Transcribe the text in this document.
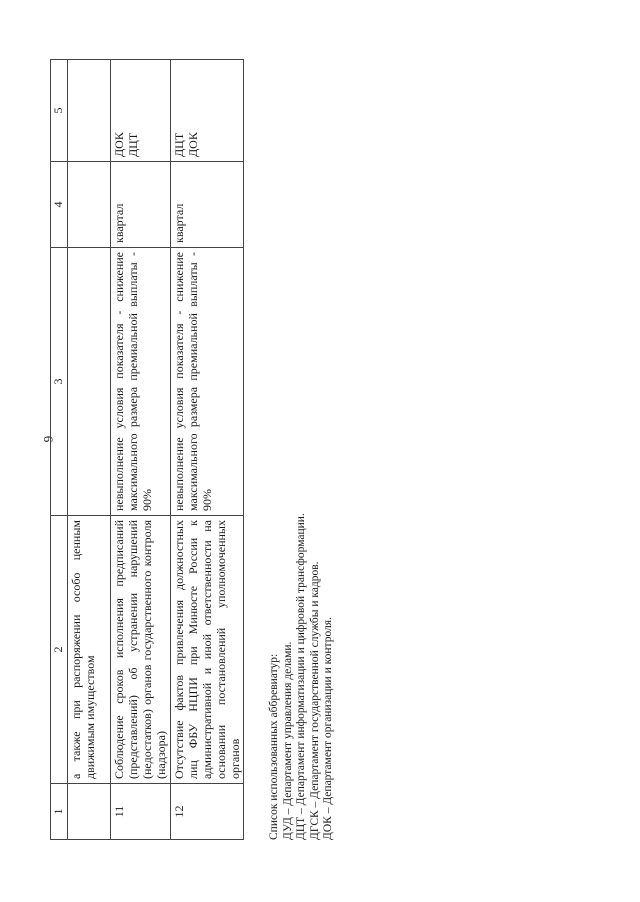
6
1	2	3	4	5
	а также при распоряжении особо ценным движимым имуществом			
11	Соблюдение сроков исполнения предписаний (представлений) об устранении нарушений (недостатков) органов государственного контроля (надзора)	невыполнение условия показателя - снижение максимального размера премиальной выплаты - 90%	квартал	ДОК ДЦТ

12	Отсутствие фактов привлечения должностных лиц ФБУ НЦПИ при Минюсте России к административной и иной ответственности на основании постановлений уполномоченных органов	невыполнение условия показателя - снижение максимального размера премиальной выплаты - 90%	квартал	ДЦТ ДОК
Список использованных аббревиатур: ДУД – Департамент управления делами. ДЦТ – Департамент информатизации и цифровой трансформации. ДГСК – Департамент государственной службы и кадров. ДОК – Департамент организации и контроля.
